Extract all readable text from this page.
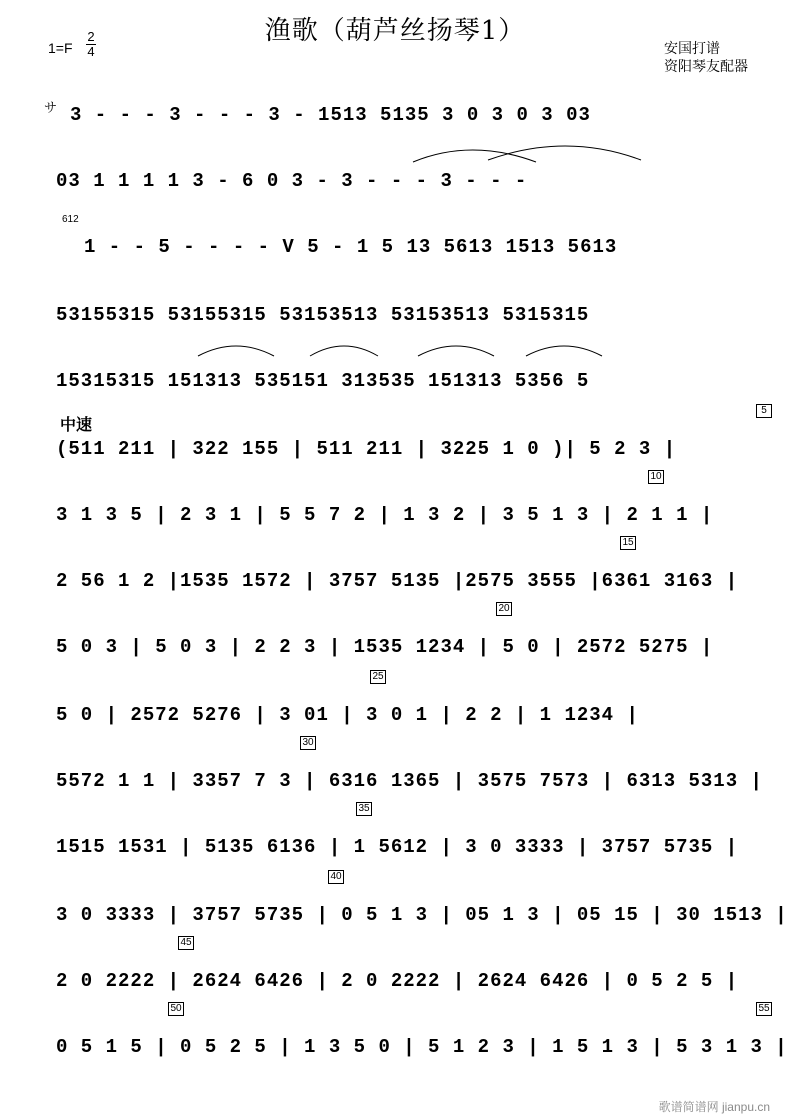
渔歌（葫芦丝扬琴1）
1=F
2
4	安国打谱
资阳琴友配器
サ
中速
612
3 - - - 3 - - - 3 - 1513 5135 3 0 3 0 3 03
03 1 1 1 1 3 - 6 0 3 - 3 - - - 3 - - -
1 - - 5 - - - - V 5 - 1 5 13 5613 1513 5613
53155315 53155315 53153513 53153513 5315315
15315315 151313 535151 313535 151313 5356 5
(511 211 | 322 155 | 511 211 | 3225 1 0 )| 5 2 3 |
5
3 1 3 5 | 2 3 1 | 5 5 7 2 | 1 3 2 | 3 5 1 3 | 2 1 1 |
10
2 56 1 2 |1535 1572 | 3757 5135 |2575 3555 |6361 3163 |
15
5 0 3 | 5 0 3 | 2 2 3 | 1535 1234 | 5 0 | 2572 5275 |
20
5 0 | 2572 5276 | 3 01 | 3 0 1 | 2 2 | 1 1234 |
25
5572 1 1 | 3357 7 3 | 6316 1365 | 3575 7573 | 6313 5313 |
30
1515 1531 | 5135 6136 | 1 5612 | 3 0 3333 | 3757 5735 |
35
3 0 3333 | 3757 5735 | 0 5 1 3 | 05 1 3 | 05 15 | 30 1513 |
40
2 0 2222 | 2624 6426 | 2 0 2222 | 2624 6426 | 0 5 2 5 |
45
0 5 1 5 | 0 5 2 5 | 1 3 5 0 | 5 1 2 3 | 1 5 1 3 | 5 3 1 3 |
50	55
歌谱简谱网 jianpu.cn
